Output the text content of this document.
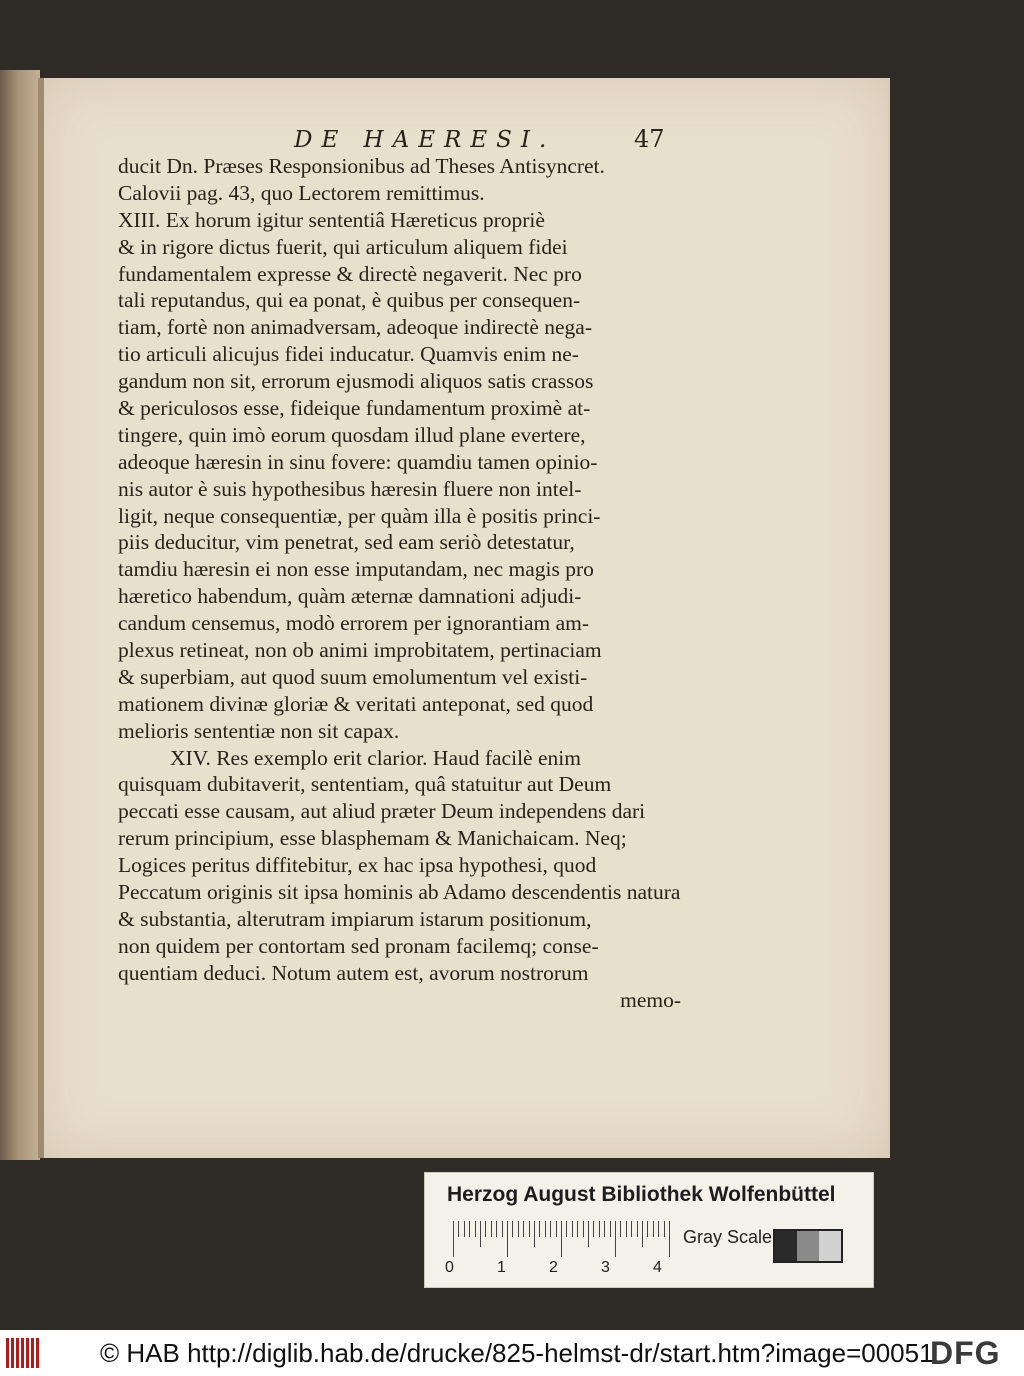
DE HAERESI.	47
ducit Dn. Præses Responsionibus ad Theses Antisyncret.
Calovii pag. 43, quo Lectorem remittimus.
XIII. Ex horum igitur sententiâ Hæreticus propriè
& in rigore dictus fuerit, qui articulum aliquem fidei
fundamentalem expresse & directè negaverit. Nec pro
tali reputandus, qui ea ponat, è quibus per consequen-
tiam, fortè non animadversam, adeoque indirectè nega-
tio articuli alicujus fidei inducatur. Quamvis enim ne-
gandum non sit, errorum ejusmodi aliquos satis crassos
& periculosos esse, fideique fundamentum proximè at-
tingere, quin imò eorum quosdam illud plane evertere,
adeoque hæresin in sinu fovere: quamdiu tamen opinio-
nis autor è suis hypothesibus hæresin fluere non intel-
ligit, neque consequentiæ, per quàm illa è positis princi-
piis deducitur, vim penetrat, sed eam seriò detestatur,
tamdiu hæresin ei non esse imputandam, nec magis pro
hæretico habendum, quàm æternæ damnationi adjudi-
candum censemus, modò errorem per ignorantiam am-
plexus retineat, non ob animi improbitatem, pertinaciam
& superbiam, aut quod suum emolumentum vel existi-
mationem divinæ gloriæ & veritati anteponat, sed quod
melioris sententiæ non sit capax.
XIV. Res exemplo erit clarior. Haud facilè enim
quisquam dubitaverit, sententiam, quâ statuitur aut Deum
peccati esse causam, aut aliud præter Deum independens dari
rerum principium, esse blasphemam & Manichaicam. Neq;
Logices peritus diffitebitur, ex hac ipsa hypothesi, quod
Peccatum originis sit ipsa hominis ab Adamo descendentis natura
& substantia, alterutram impiarum istarum positionum,
non quidem per contortam sed pronam facilemq; conse-
quentiam deduci. Notum autem est, avorum nostrorum
memo-
Herzog August Bibliothek Wolfenbüttel
0	1	2	3	4
Gray Scale
© HAB http://diglib.hab.de/drucke/825-helmst-dr/start.htm?image=00051
DFG
